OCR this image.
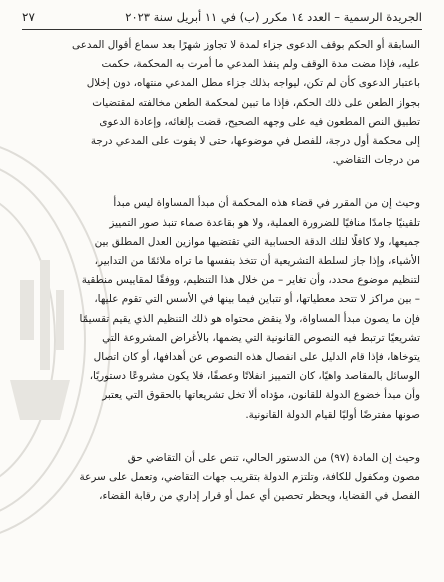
الجريدة الرسمية – العدد ١٤ مكرر (ب) في ١١ أبريل سنة ٢٠٢٣
٢٧

السابقة أو الحكم بوقف الدعوى جزاء لمدة لا تجاوز شهرًا بعد سماع أقوال المدعى
عليه، فإذا مضت مدة الوقف ولم ينفذ المدعي ما أمرت به المحكمة، حكمت
باعتبار الدعوى كأن لم تكن، ليواجه بذلك جزاء مطل المدعي منتهاه، دون إخلال
بجواز الطعن على ذلك الحكم، فإذا ما تبين لمحكمة الطعن مخالفته لمقتضيات
تطبيق النص المطعون فيه على وجهه الصحيح، قضت بإلغائه، وإعادة الدعوى
إلى محكمة أول درجة، للفصل في موضوعها، حتى لا يفوت على المدعي درجة
من درجات التقاضي.

وحيث إن من المقرر في قضاء هذه المحكمة أن مبدأ المساواة ليس مبدأ
تلقينيًا جامدًا منافيًا للضرورة العملية، ولا هو بقاعدة صماء تنبذ صور التمييز
جميعها، ولا كافلًا لتلك الدقة الحسابية التي تقتضيها موازين العدل المطلق بين
الأشياء، وإذا جاز لسلطة التشريعية أن تتخذ بنفسها ما تراه ملائمًا من التدابير،
لتنظيم موضوع محدد، وأن تغاير – من خلال هذا التنظيم، ووفقًا لمقاييس منطقية
– بين مراكز لا تتحد معطياتها، أو تتباين فيما بينها في الأسس التي تقوم عليها،
فإن ما يصون مبدأ المساواة، ولا ينقض محتواه هو ذلك التنظيم الذي يقيم تقسيمًا
تشريعيًا ترتبط فيه النصوص القانونية التي يضمها، بالأغراض المشروعة التي
يتوخاها، فإذا قام الدليل على انفصال هذه النصوص عن أهدافها، أو كان اتصال
الوسائل بالمقاصد واهيًا، كان التمييز انفلاتًا وعصفًا، فلا يكون مشروعًا دستوريًا،
وأن مبدأ خضوع الدولة للقانون، مؤداه ألا تخل تشريعاتها بالحقوق التي يعتبر
صونها مفترضًا أوليًا لقيام الدولة القانونية.

وحيث إن المادة (٩٧) من الدستور الحالي، تنص على أن التقاضي حق
مصون ومكفول للكافة، وتلتزم الدولة بتقريب جهات التقاضي، وتعمل على سرعة
الفصل في القضايا، ويحظر تحصين أي عمل أو قرار إداري من رقابة القضاء،
